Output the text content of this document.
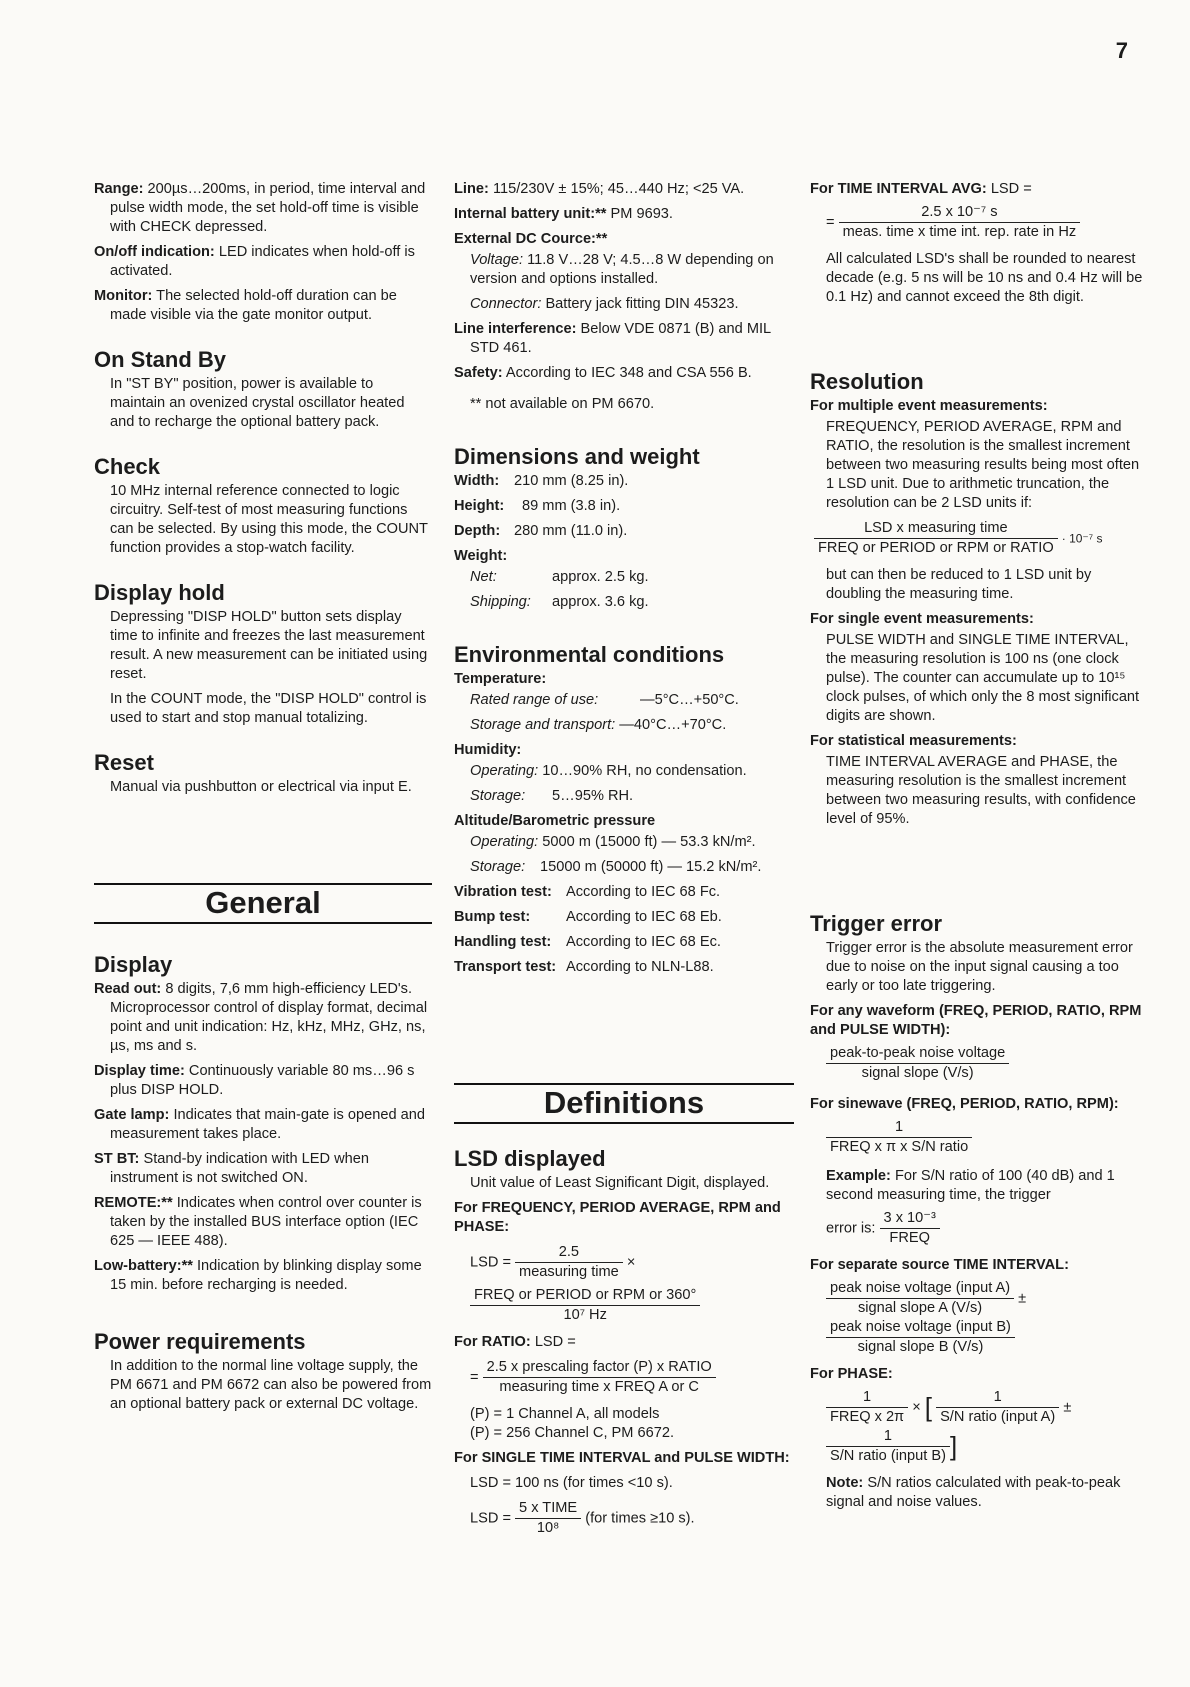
7

Range: 200µs…200ms, in period, time interval and pulse width mode, the set hold-off time is visible with CHECK depressed.

On/off indication: LED indicates when hold-off is activated.

Monitor: The selected hold-off duration can be made visible via the gate monitor output.

On Stand By

In "ST BY" position, power is available to maintain an ovenized crystal oscillator heated and to recharge the optional battery pack.

Check

10 MHz internal reference connected to logic circuitry. Self-test of most measuring functions can be selected. By using this mode, the COUNT function provides a stop-watch facility.

Display hold

Depressing "DISP HOLD" button sets display time to infinite and freezes the last measurement result. A new measurement can be initiated using reset.

In the COUNT mode, the "DISP HOLD" control is used to start and stop manual totalizing.

Reset

Manual via pushbutton or electrical via input E.

General
Display

Read out: 8 digits, 7,6 mm high-efficiency LED's. Microprocessor control of display format, decimal point and unit indication: Hz, kHz, MHz, GHz, ns, µs, ms and s.

Display time: Continuously variable 80 ms…96 s plus DISP HOLD.

Gate lamp: Indicates that main-gate is opened and measurement takes place.

ST BT: Stand-by indication with LED when instrument is not switched ON.

REMOTE:** Indicates when control over counter is taken by the installed BUS interface option (IEC 625 — IEEE 488).

Low-battery:** Indication by blinking display some 15 min. before recharging is needed.

Power requirements

In addition to the normal line voltage supply, the PM 6671 and PM 6672 can also be powered from an optional battery pack or external DC voltage.

Line: 115/230V ± 15%; 45…440 Hz; <25 VA.

Internal battery unit:** PM 9693.

External DC Cource:**

Voltage: 11.8 V…28 V; 4.5…8 W depending on version and options installed.

Connector: Battery jack fitting DIN 45323.

Line interference: Below VDE 0871 (B) and MIL STD 461.

Safety: According to IEC 348 and CSA 556 B.

** not available on PM 6670.

Dimensions and weight

Width: 210 mm (8.25 in).

Height: 89 mm (3.8 in).

Depth: 280 mm (11.0 in).

Weight:

Net:	approx. 2.5 kg.

Shipping: approx. 3.6 kg.

Environmental conditions

Temperature:

Rated range of use:	—5°C…+50°C.

Storage and transport: —40°C…+70°C.

Humidity:

Operating: 10…90% RH, no condensation.

Storage: 5…95% RH.

Altitude/Barometric pressure

Operating: 5000 m (15000 ft) — 53.3 kN/m².

Storage: 15000 m (50000 ft) — 15.2 kN/m².

Vibration test: According to IEC 68 Fc.

Bump test: According to IEC 68 Eb.

Handling test: According to IEC 68 Ec.

Transport test: According to NLN-L88.

Definitions
LSD displayed

Unit value of Least Significant Digit, displayed.

For FREQUENCY, PERIOD AVERAGE, RPM and PHASE:

LSD = $\frac{2.5}{\text{measuring time}}$ ×
$\frac{\text{FREQ or PERIOD or RPM or 360°}}{\text{10⁷ Hz}}$

For RATIO: LSD =

= $\frac{\text{2.5 x prescaling factor (P) x RATIO}}{\text{measuring time x FREQ A or C}}$

(P) = 1 Channel A, all models

(P) = 256 Channel C, PM 6672.

For SINGLE TIME INTERVAL and PULSE WIDTH:

LSD = 100 ns (for times <10 s).

LSD = $\frac{\text{5 x TIME}}{\text{10⁸}} (for$ times ≥10 s).

For TIME INTERVAL AVG: LSD =

= $\frac{\text{2.5 x 10⁻⁷ s}}{\text{meas. time x time int. rep. rate in Hz}}$

All calculated LSD's shall be rounded to nearest decade (e.g. 5 ns will be 10 ns and 0.4 Hz will be 0.1 Hz) and cannot exceed the 8th digit.

Resolution

For multiple event measurements:

FREQUENCY, PERIOD AVERAGE, RPM and RATIO, the resolution is the smallest increment between two measuring results being most often 1 LSD unit. Due to arithmetic truncation, the resolution can be 2 LSD units if:

$\frac{\text{LSD x measuring time}}{\text{FREQ or PERIOD or RPM or RATIO}} \cdot 10^{-7}$ s

but can then be reduced to 1 LSD unit by doubling the measuring time.

For single event measurements:

PULSE WIDTH and SINGLE TIME INTERVAL, the measuring resolution is 100 ns (one clock pulse). The counter can accumulate up to 10¹⁵ clock pulses, of which only the 8 most significant digits are shown.

For statistical measurements:

TIME INTERVAL AVERAGE and PHASE, the measuring resolution is the smallest increment between two measuring results, with confidence level of 95%.

Trigger error

Trigger error is the absolute measurement error due to noise on the input signal causing a too early or too late triggering.

For any waveform (FREQ, PERIOD, RATIO, RPM and PULSE WIDTH):

$\frac{\text{peak-to-peak noise voltage}}{\text{signal slope (V/s)}}$

For sinewave (FREQ, PERIOD, RATIO, RPM):

$\frac{1}{\text{FREQ x π x S/N ratio}}$

Example: For S/N ratio of 100 (40 dB) and 1 second measuring time, the trigger

error is: $\frac{\text{3 x 10⁻³}}{\text{FREQ}}$

For separate source TIME INTERVAL:

$\frac{\text{peak noise voltage (input A)}}{\text{signal slope A (V/s)}}$ ±
$\frac{\text{peak noise voltage (input B)}}{\text{signal slope B (V/s)}}$

For PHASE:

$\frac{1}{\text{FREQ x 2π}}$ × [ $\frac{1}{\text{S/N ratio (input A)}}$ ±
$\frac{1}{\text{S/N ratio (input B)}}$ ]

Note: S/N ratios calculated with peak-to-peak signal and noise values.
